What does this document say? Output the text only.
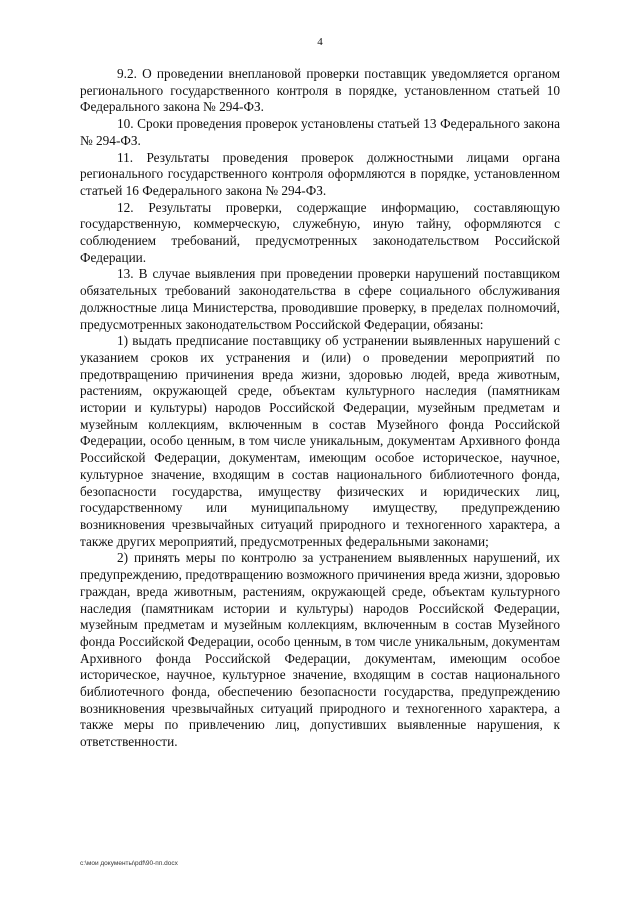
4

9.2. О проведении внеплановой проверки поставщик уведомляется органом регионального государственного контроля в порядке, установленном статьей 10 Федерального закона № 294-ФЗ.

10. Сроки проведения проверок установлены статьей 13 Федерального закона № 294-ФЗ.

11. Результаты проведения проверок должностными лицами органа регионального государственного контроля оформляются в порядке, установленном статьей 16 Федерального закона № 294-ФЗ.

12. Результаты проверки, содержащие информацию, составляющую государственную, коммерческую, служебную, иную тайну, оформляются с соблюдением требований, предусмотренных законодательством Российской Федерации.

13. В случае выявления при проведении проверки нарушений поставщиком обязательных требований законодательства в сфере социального обслуживания должностные лица Министерства, проводившие проверку, в пределах полномочий, предусмотренных законодательством Российской Федерации, обязаны:

1) выдать предписание поставщику об устранении выявленных нарушений с указанием сроков их устранения и (или) о проведении мероприятий по предотвращению причинения вреда жизни, здоровью людей, вреда животным, растениям, окружающей среде, объектам культурного наследия (памятникам истории и культуры) народов Российской Федерации, музейным предметам и музейным коллекциям, включенным в состав Музейного фонда Российской Федерации, особо ценным, в том числе уникальным, документам Архивного фонда Российской Федерации, документам, имеющим особое историческое, научное, культурное значение, входящим в состав национального библиотечного фонда, безопасности государства, имуществу физических и юридических лиц, государственному или муниципальному имуществу, предупреждению возникновения чрезвычайных ситуаций природного и техногенного характера, а также других мероприятий, предусмотренных федеральными законами;

2) принять меры по контролю за устранением выявленных нарушений, их предупреждению, предотвращению возможного причинения вреда жизни, здоровью граждан, вреда животным, растениям, окружающей среде, объектам культурного наследия (памятникам истории и культуры) народов Российской Федерации, музейным предметам и музейным коллекциям, включенным в состав Музейного фонда Российской Федерации, особо ценным, в том числе уникальным, документам Архивного фонда Российской Федерации, документам, имеющим особое историческое, научное, культурное значение, входящим в состав национального библиотечного фонда, обеспечению безопасности государства, предупреждению возникновения чрезвычайных ситуаций природного и техногенного характера, а также меры по привлечению лиц, допустивших выявленные нарушения, к ответственности.

c:\мои документы\pdf\90-пп.docx
